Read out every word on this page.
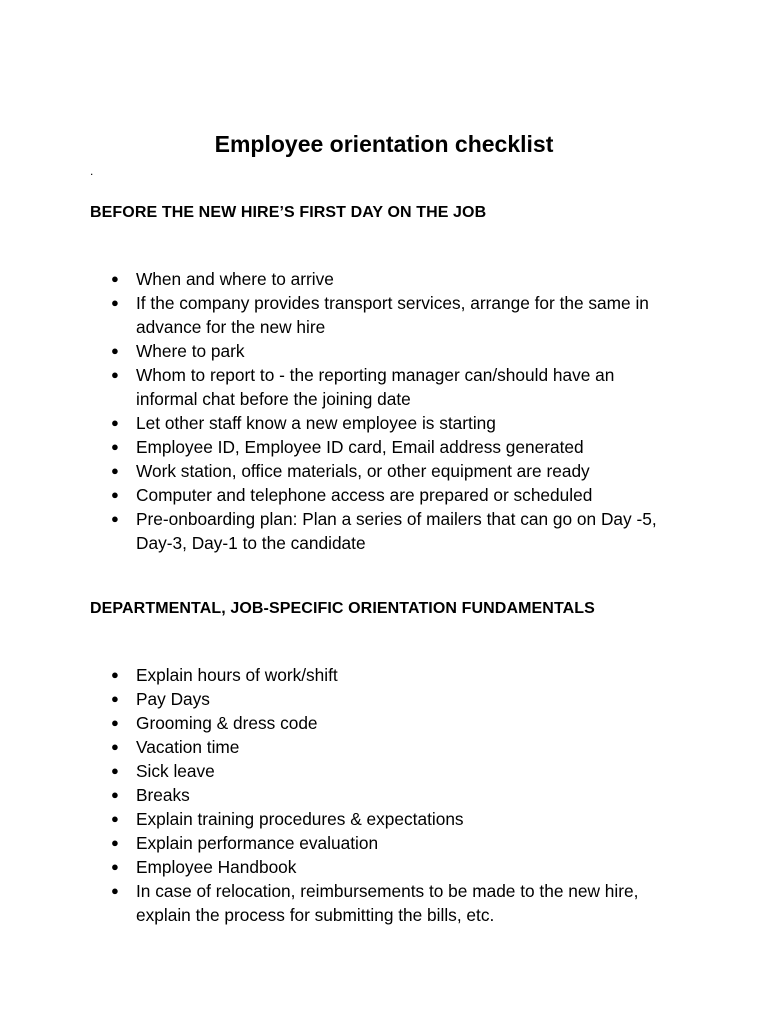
Employee orientation checklist
.
BEFORE THE NEW HIRE’S FIRST DAY ON THE JOB
● When and where to arrive
● If the company provides transport services, arrange for the same in advance for the new hire
● Where to park
● Whom to report to - the reporting manager can/should have an informal chat before the joining date
● Let other staff know a new employee is starting
● Employee ID, Employee ID card, Email address generated
● Work station, office materials, or other equipment are ready
● Computer and telephone access are prepared or scheduled
● Pre-onboarding plan: Plan a series of mailers that can go on Day -5, Day-3, Day-1 to the candidate
DEPARTMENTAL, JOB-SPECIFIC ORIENTATION FUNDAMENTALS
● Explain hours of work/shift
● Pay Days
● Grooming & dress code
● Vacation time
● Sick leave
● Breaks
● Explain training procedures & expectations
● Explain performance evaluation
● Employee Handbook
● In case of relocation, reimbursements to be made to the new hire, explain the process for submitting the bills, etc.
